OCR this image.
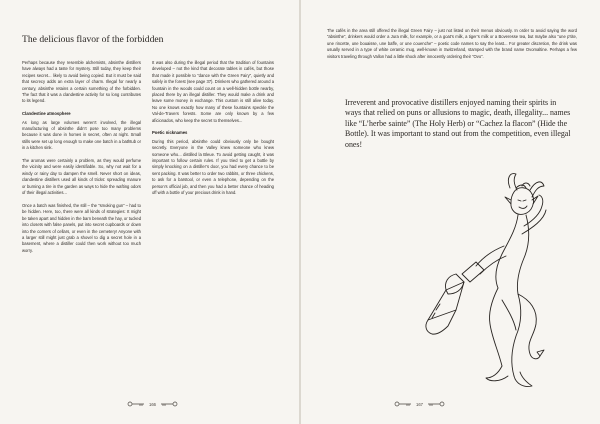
The delicious flavor of the forbidden

Perhaps because they resemble alchemists, absinthe distillers have always had a taste for mystery. Still today, they keep their recipes secret... likely to avoid being copied. But it must be said that secrecy adds an extra layer of charm. Illegal for nearly a century, absinthe retains a certain something of the forbidden. The fact that it was a clandestine activity for so long contributes to its legend.

Clandestine atmosphere

As long as large volumes weren’t involved, the illegal manufacturing of absinthe didn’t pose too many problems because it was done in homes in secret, often at night. Small stills were set up long enough to make one batch in a bathtub or in a kitchen sink.

The aromas were certainly a problem, as they would perfume the vicinity and were easily identifiable. So, why not wait for a windy or rainy day to dampen the smell. Never short on ideas, clandestine distillers used all kinds of tricks: spreading manure or burning a tire in the garden as ways to hide the wafting odors of their illegal activities...

Once a batch was finished, the still – the “smoking gun” – had to be hidden. Here, too, there were all kinds of strategies: It might be taken apart and hidden in the barn beneath the hay, or tucked into closets with false panels, put into secret cupboards or down into the corners of cellars, or even in the cemetery! Anyone with a larger still might just grab a shovel to dig a secret hole in a basement, where a distiller could then work without too much worry.

It was also during the illegal period that the tradition of fountains developed – not the kind that decorate tables in cafés, but those that made it possible to “dance with the Green Fairy”, quietly and safely in the forest (see page 37). Drinkers who gathered around a fountain in the woods could count on a well-hidden bottle nearby, placed there by an illegal distiller. They would make a drink and leave some money in exchange. This custom is still alive today. No one knows exactly how many of these fountains speckle the Val-de-Travers forests. Some are only known by a few aficionados, who keep the secret to themselves...

Poetic nicknames

During this period, absinthe could obviously only be bought secretly. Everyone in the Valley knew someone who knew someone who... distilled la Bleue. To avoid getting caught, it was important to follow certain rules. If you tried to get a bottle by simply knocking on a distiller’s door, you had every chance to be sent packing. It was better to order two rabbits, or three chickens, to ask for a barstool, or even a telephone, depending on the person’s official job, and then you had a better chance of heading off with a bottle of your precious drink in hand.

166

The cafés in the area still offered the illegal Green Fairy – just not listed on their menus obviously. In order to avoid saying the word “absinthe”, drinkers would order a Jura milk, for example, or a goat’s milk, a tiger’s milk or a Boveresse tea, but maybe also “une p’tite, une rincette, une bouaisse, une baffe, or une couenche” – poetic code names to say the least... For greater discretion, the drink was usually served in a type of white ceramic mug, well-known in Switzerland, stamped with the brand name Ovomaltine. Perhaps a few visitors traveling through Vallon had a little shock after innocently ordering their “Ovo”.

Irreverent and provocative distillers enjoyed naming their spirits in ways that relied on puns or allusions to magic, death, illegality... names like “L’herbe sainte” (The Holy Herb) or “Cachez la flacon” (Hide the Bottle). It was important to stand out from the competition, even illegal ones!
167
